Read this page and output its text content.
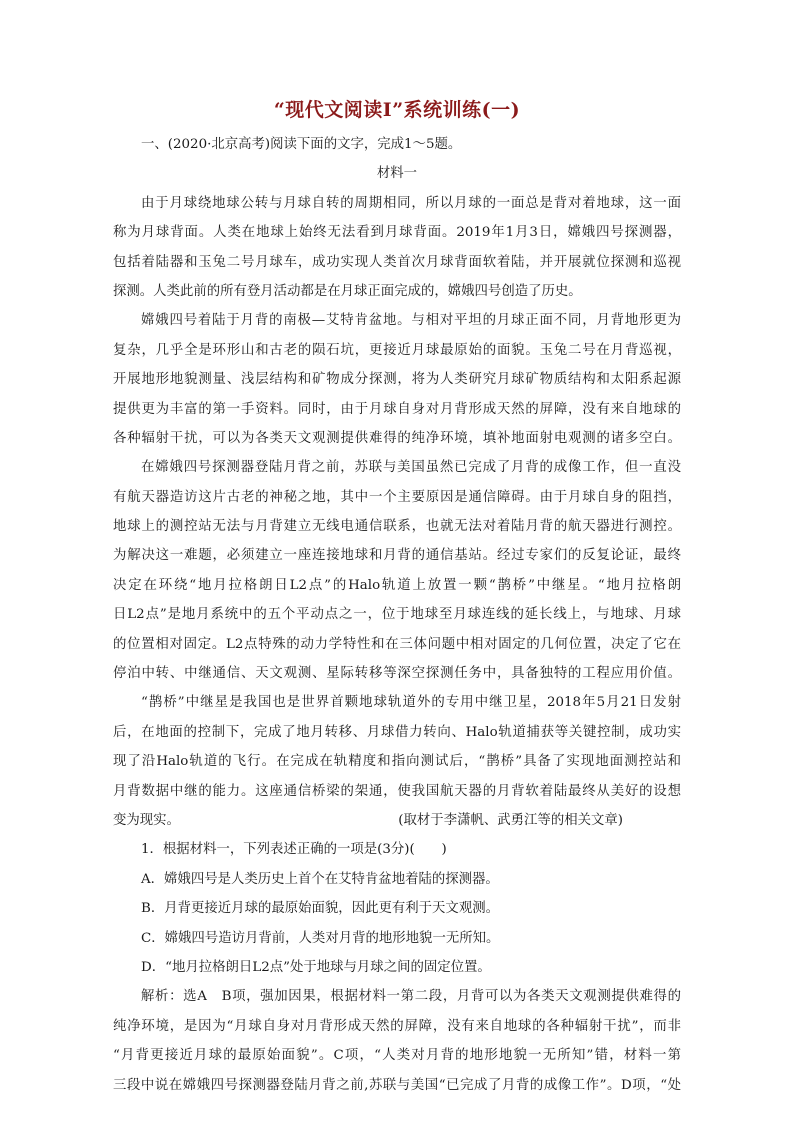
“现代文阅读Ⅰ”系统训练(一)
一、(2020·北京高考)阅读下面的文字，完成1～5题。
材料一
由于月球绕地球公转与月球自转的周期相同，所以月球的一面总是背对着地球，这一面
称为月球背面。人类在地球上始终无法看到月球背面。2019年1月3日，嫦娥四号探测器，
包括着陆器和玉兔二号月球车，成功实现人类首次月球背面软着陆，并开展就位探测和巡视
探测。人类此前的所有登月活动都是在月球正面完成的，嫦娥四号创造了历史。
嫦娥四号着陆于月背的南极—艾特肯盆地。与相对平坦的月球正面不同，月背地形更为
复杂，几乎全是环形山和古老的陨石坑，更接近月球最原始的面貌。玉兔二号在月背巡视，
开展地形地貌测量、浅层结构和矿物成分探测，将为人类研究月球矿物质结构和太阳系起源
提供更为丰富的第一手资料。同时，由于月球自身对月背形成天然的屏障，没有来自地球的
各种辐射干扰，可以为各类天文观测提供难得的纯净环境，填补地面射电观测的诸多空白。
在嫦娥四号探测器登陆月背之前，苏联与美国虽然已完成了月背的成像工作，但一直没
有航天器造访这片古老的神秘之地，其中一个主要原因是通信障碍。由于月球自身的阻挡，
地球上的测控站无法与月背建立无线电通信联系，也就无法对着陆月背的航天器进行测控。
为解决这一难题，必须建立一座连接地球和月背的通信基站。经过专家们的反复论证，最终
决定在环绕“地月拉格朗日L2点”的Halo轨道上放置一颗“鹊桥”中继星。“地月拉格朗
日L2点”是地月系统中的五个平动点之一，位于地球至月球连线的延长线上，与地球、月球
的位置相对固定。L2点特殊的动力学特性和在三体问题中相对固定的几何位置，决定了它在
停泊中转、中继通信、天文观测、星际转移等深空探测任务中，具备独特的工程应用价值。
“鹊桥”中继星是我国也是世界首颗地球轨道外的专用中继卫星，2018年5月21日发射
后，在地面的控制下，完成了地月转移、月球借力转向、Halo轨道捕获等关键控制，成功实
现了沿Halo轨道的飞行。在完成在轨精度和指向测试后，“鹊桥”具备了实现地面测控站和
月背数据中继的能力。这座通信桥梁的架通，使我国航天器的月背软着陆最终从美好的设想
变为现实。	(取材于李潇帆、武勇江等的相关文章)
1．根据材料一，下列表述正确的一项是(3分)(　　)
A．嫦娥四号是人类历史上首个在艾特肯盆地着陆的探测器。
B．月背更接近月球的最原始面貌，因此更有利于天文观测。
C．嫦娥四号造访月背前，人类对月背的地形地貌一无所知。
D．“地月拉格朗日L2点”处于地球与月球之间的固定位置。
解析：选A　B项，强加因果，根据材料一第二段，月背可以为各类天文观测提供难得的
纯净环境，是因为“月球自身对月背形成天然的屏障，没有来自地球的各种辐射干扰”，而非
“月背更接近月球的最原始面貌”。C项，“人类对月背的地形地貌一无所知”错，材料一第
三段中说在嫦娥四号探测器登陆月背之前,苏联与美国“已完成了月背的成像工作”。D项，“处
